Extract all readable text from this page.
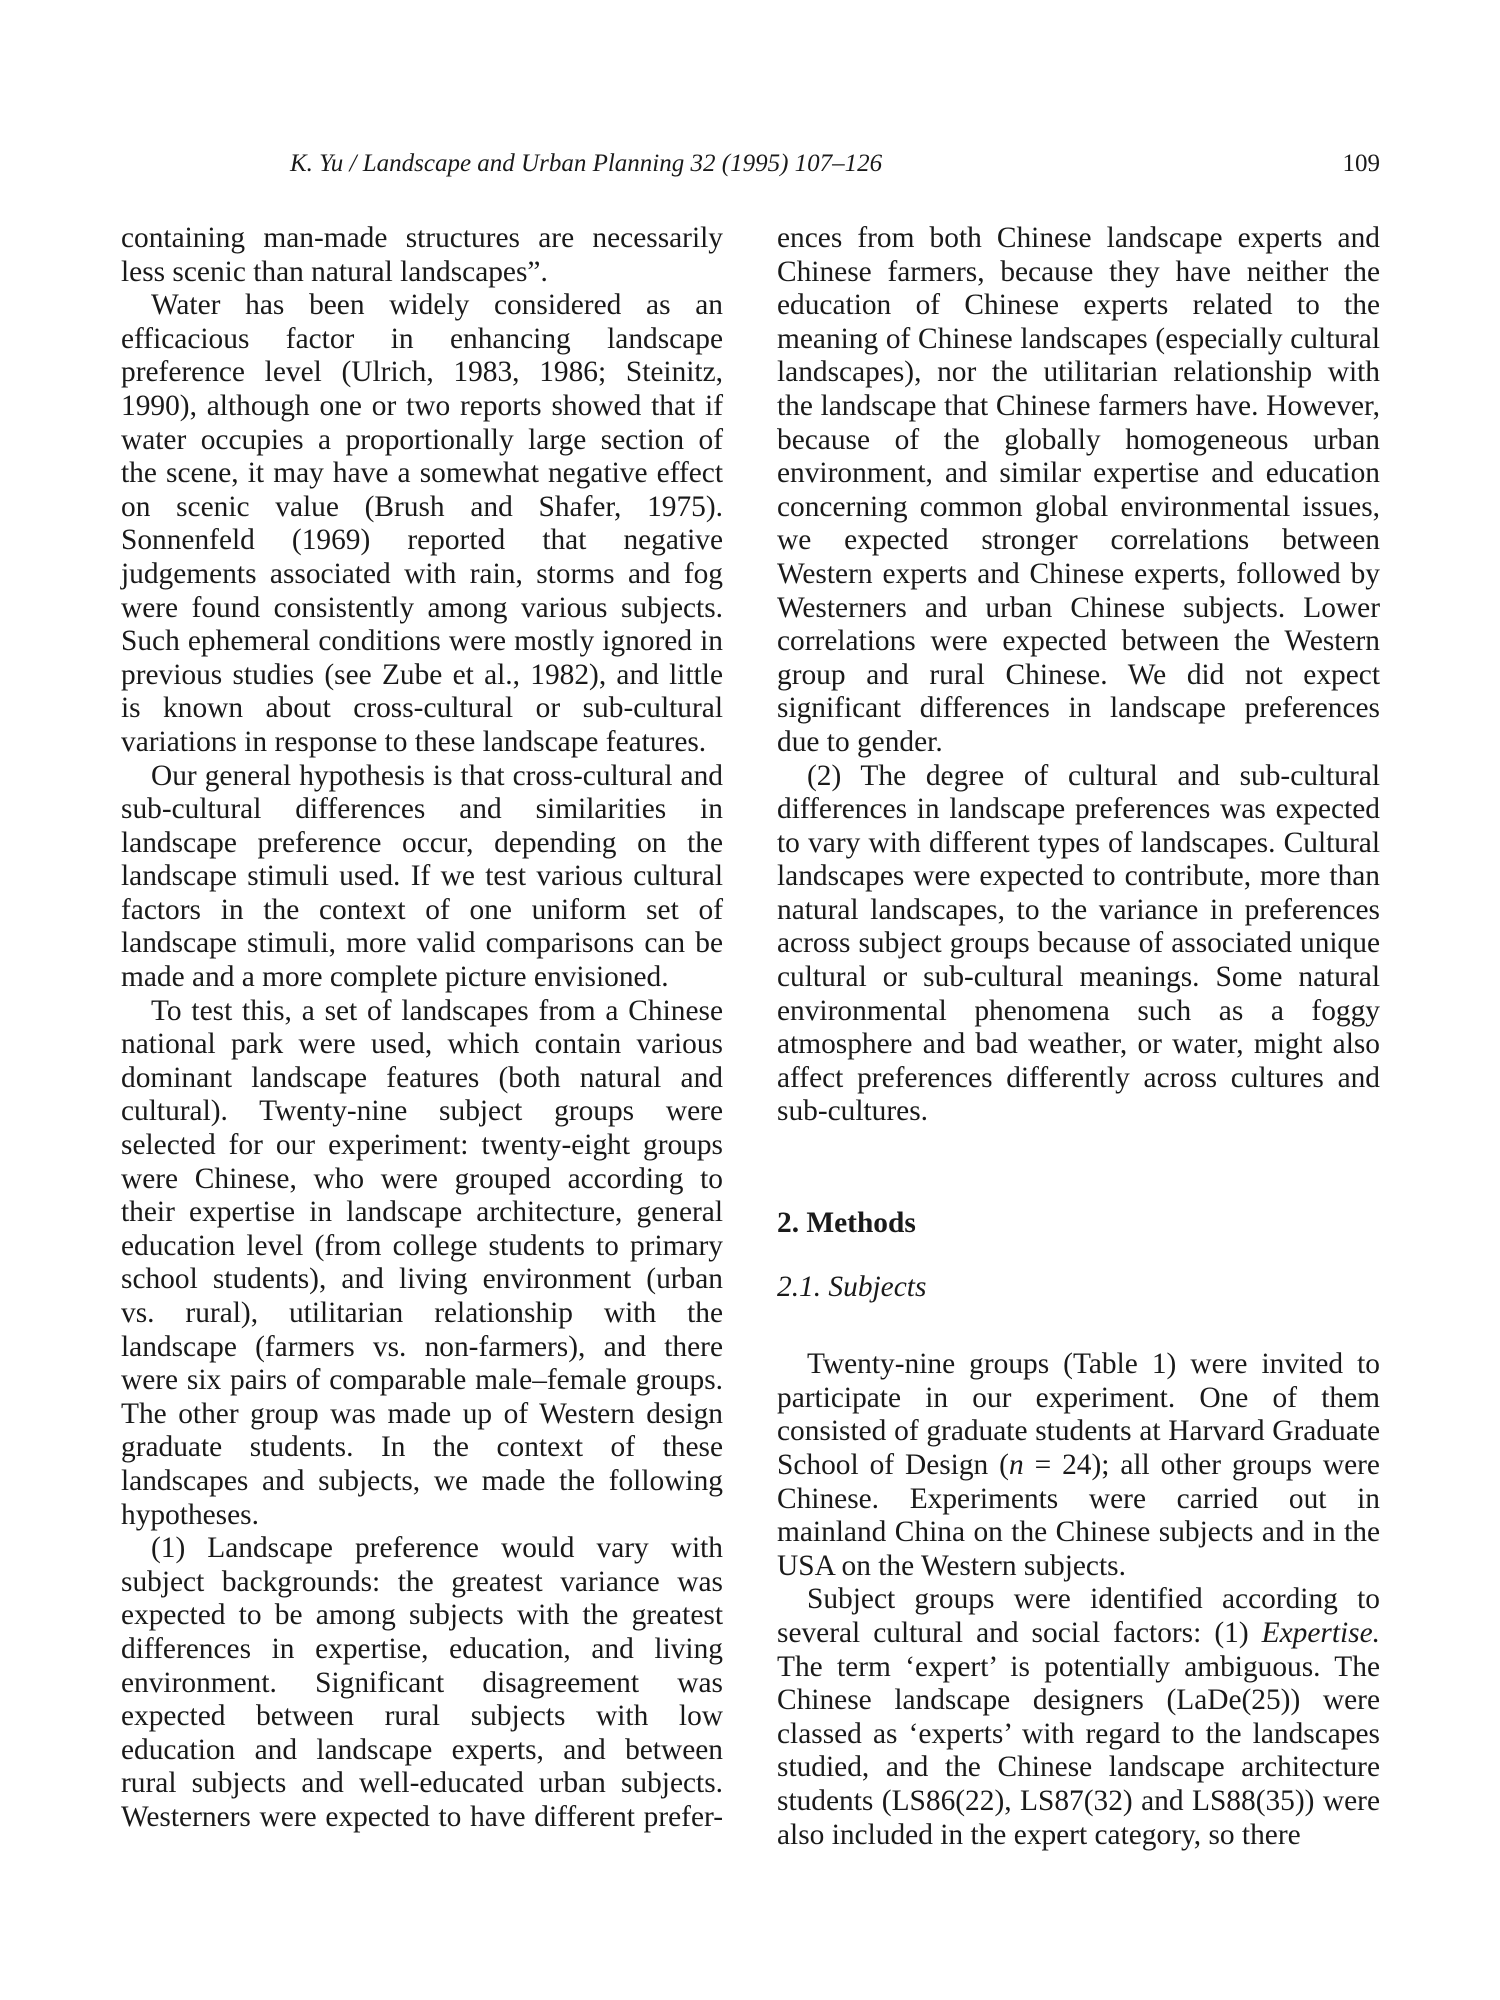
K. Yu / Landscape and Urban Planning 32 (1995) 107–126	109

containing man-made structures are necessarily less scenic than natural landscapes”.

Water has been widely considered as an efficacious factor in enhancing landscape preference level (Ulrich, 1983, 1986; Steinitz, 1990), although one or two reports showed that if water occupies a proportionally large section of the scene, it may have a somewhat negative effect on scenic value (Brush and Shafer, 1975). Sonnenfeld (1969) reported that negative judgements associated with rain, storms and fog were found consistently among various subjects. Such ephemeral conditions were mostly ignored in previous studies (see Zube et al., 1982), and little is known about cross-cultural or sub-cultural variations in response to these landscape features.

Our general hypothesis is that cross-cultural and sub-cultural differences and similarities in landscape preference occur, depending on the landscape stimuli used. If we test various cultural factors in the context of one uniform set of landscape stimuli, more valid comparisons can be made and a more complete picture envisioned.

To test this, a set of landscapes from a Chinese national park were used, which contain various dominant landscape features (both natural and cultural). Twenty-nine subject groups were selected for our experiment: twenty-eight groups were Chinese, who were grouped according to their expertise in landscape architecture, general education level (from college students to primary school students), and living environment (urban vs. rural), utilitarian relationship with the landscape (farmers vs. non-farmers), and there were six pairs of comparable male–female groups. The other group was made up of Western design graduate students. In the context of these landscapes and subjects, we made the following hypotheses.

(1) Landscape preference would vary with subject backgrounds: the greatest variance was expected to be among subjects with the greatest differences in expertise, education, and living environment. Significant disagreement was expected between rural subjects with low education and landscape experts, and between rural subjects and well-educated urban subjects. Westerners were expected to have different prefer-

ences from both Chinese landscape experts and Chinese farmers, because they have neither the education of Chinese experts related to the meaning of Chinese landscapes (especially cultural landscapes), nor the utilitarian relationship with the landscape that Chinese farmers have. However, because of the globally homogeneous urban environment, and similar expertise and education concerning common global environmental issues, we expected stronger correlations between Western experts and Chinese experts, followed by Westerners and urban Chinese subjects. Lower correlations were expected between the Western group and rural Chinese. We did not expect significant differences in landscape preferences due to gender.

(2) The degree of cultural and sub-cultural differences in landscape preferences was expected to vary with different types of landscapes. Cultural landscapes were expected to contribute, more than natural landscapes, to the variance in preferences across subject groups because of associated unique cultural or sub-cultural meanings. Some natural environmental phenomena such as a foggy atmosphere and bad weather, or water, might also affect preferences differently across cultures and sub-cultures.

2. Methods
2.1. Subjects

Twenty-nine groups (Table 1) were invited to participate in our experiment. One of them consisted of graduate students at Harvard Graduate School of Design (n = 24); all other groups were Chinese. Experiments were carried out in mainland China on the Chinese subjects and in the USA on the Western subjects.

Subject groups were identified according to several cultural and social factors: (1) Expertise. The term ‘expert’ is potentially ambiguous. The Chinese landscape designers (LaDe(25)) were classed as ‘experts’ with regard to the landscapes studied, and the Chinese landscape architecture students (LS86(22), LS87(32) and LS88(35)) were also included in the expert category, so there
